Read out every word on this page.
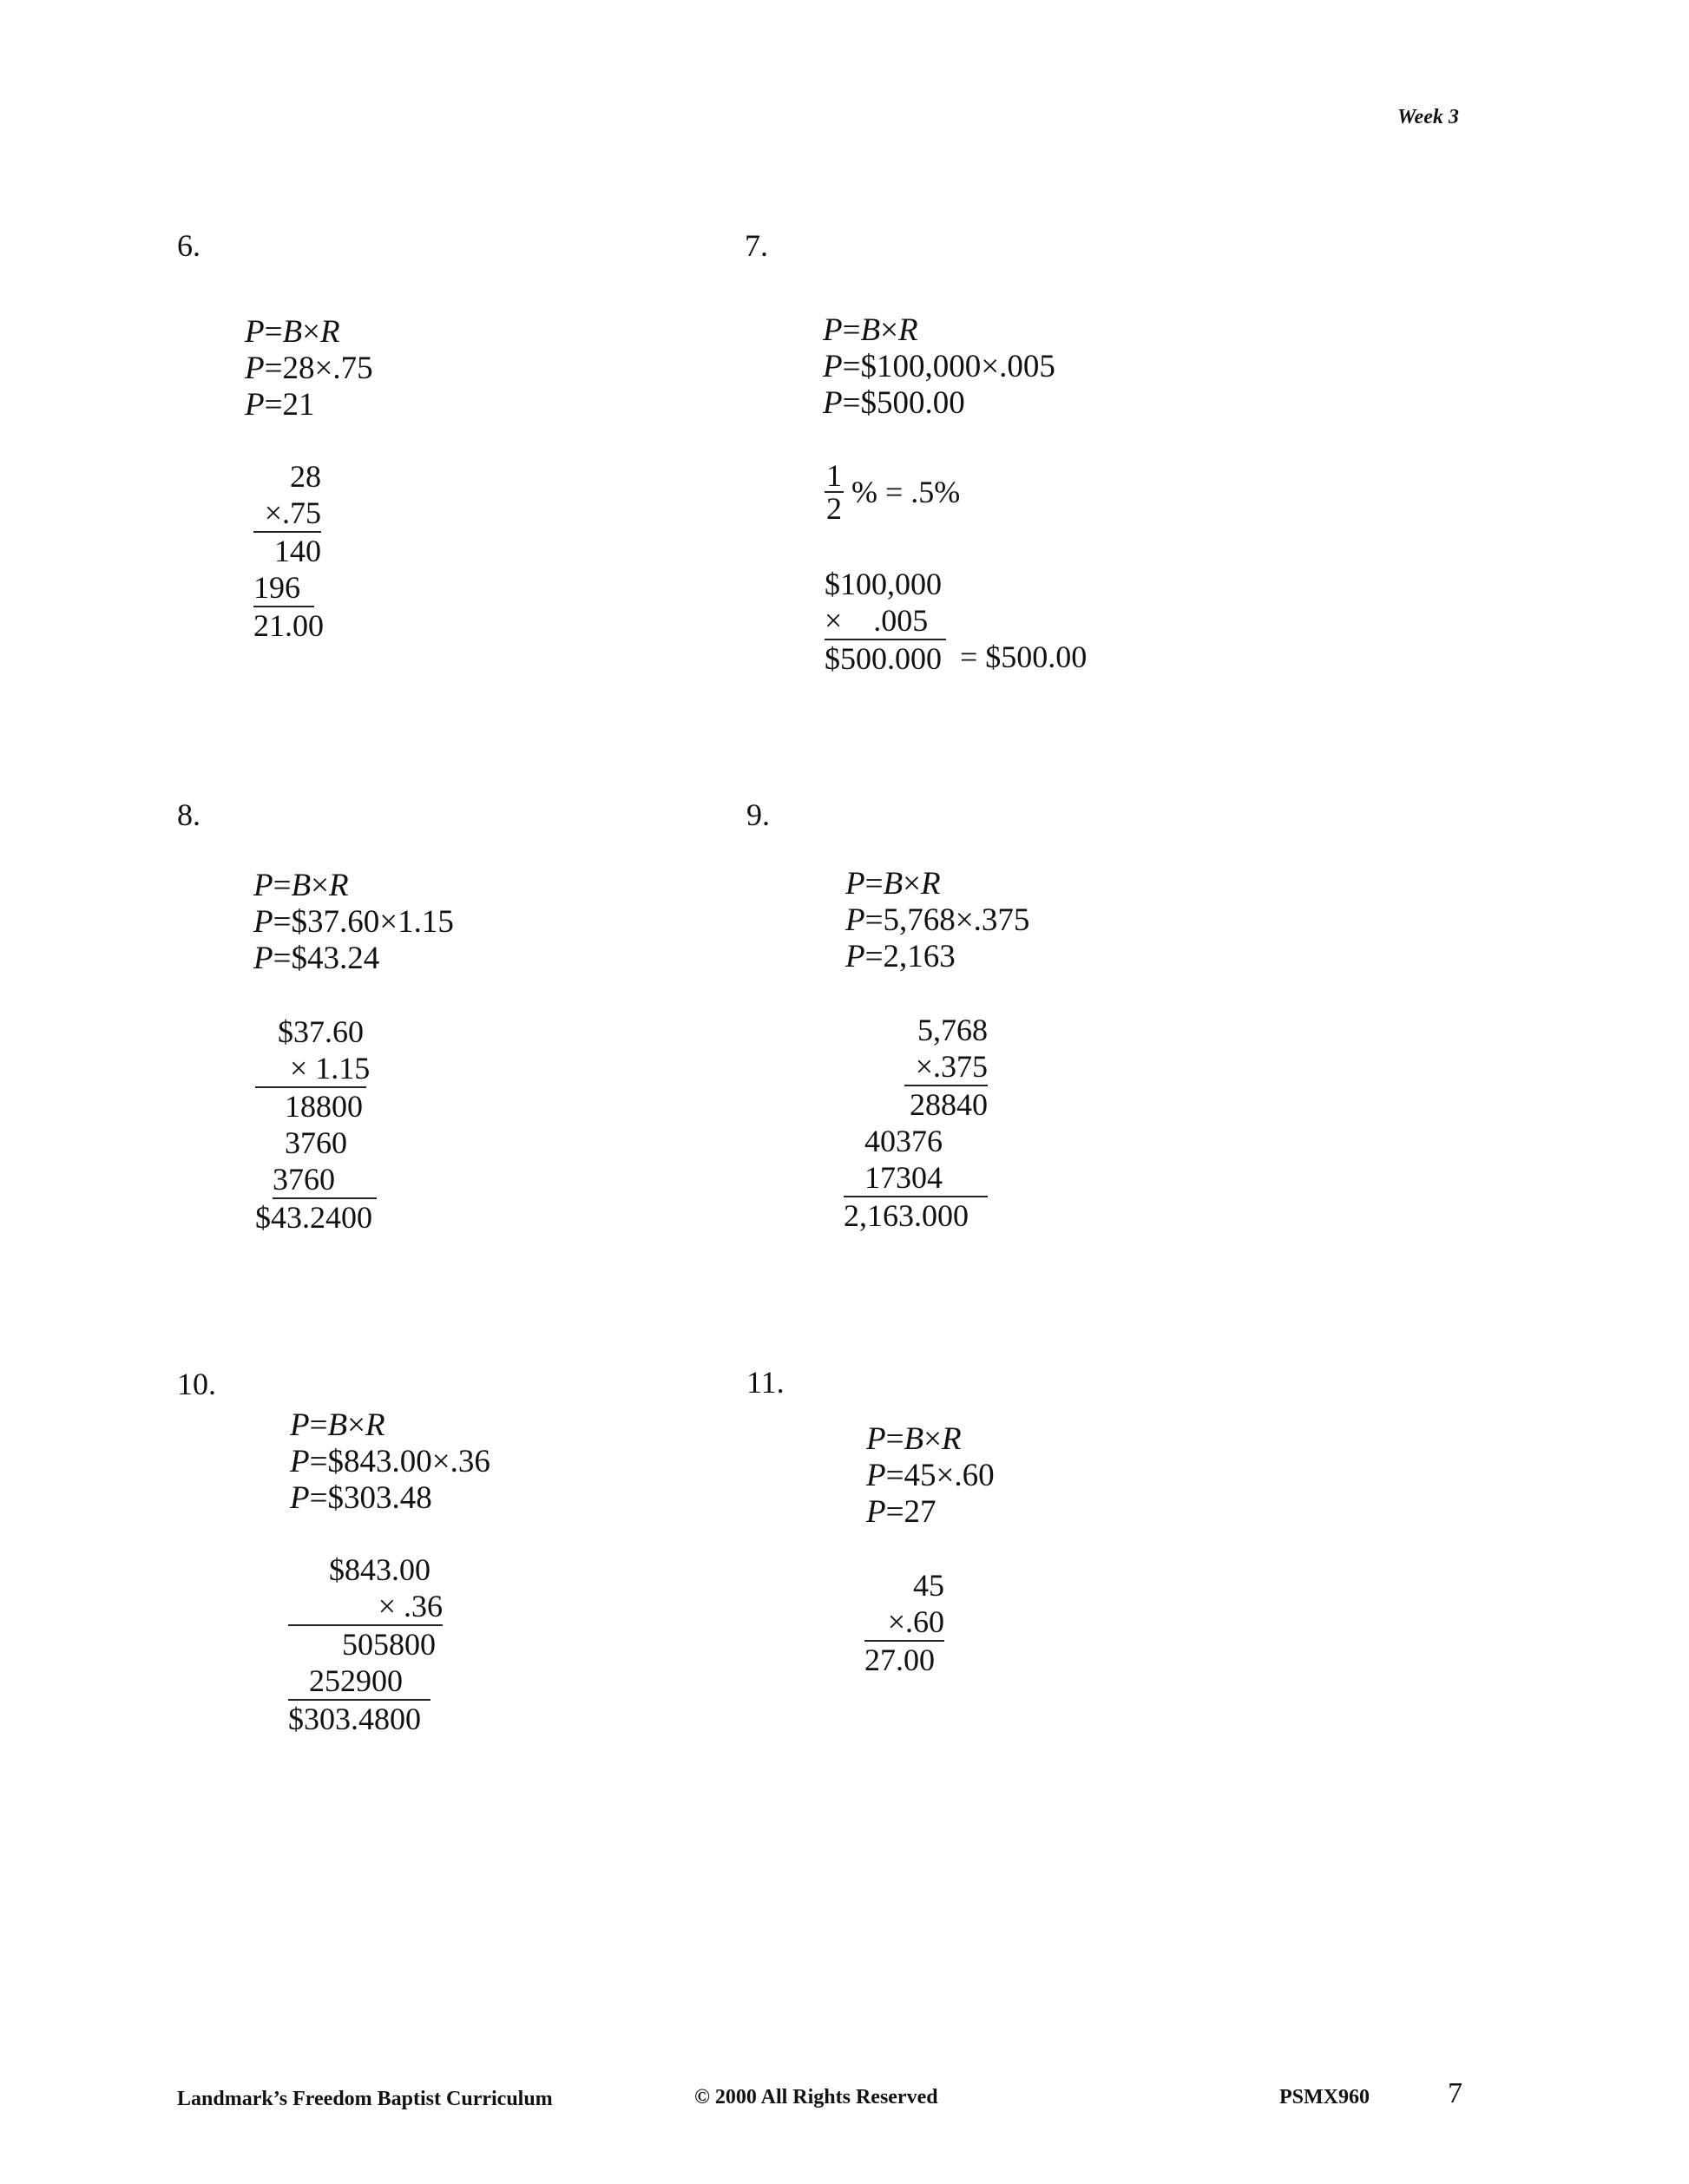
Week 3
6.
P=B×R
P=28×.75
P=21
28
×.75
140
196
21.00
7.
P=B×R
P=$100,000×.005
P=$500.00
$\frac{1}{2}$ % = .5%
$100,000
×    .005
$500.000 = $500.00
8.
P=B×R
P=$37.60×1.15
P=$43.24
$37.60
× 1.15
18800
3760
3760
$43.2400
9.
P=B×R
P=5,768×.375
P=2,163
5,768
×.375
28840
40376
17304
2,163.000
10.
P=B×R
P=$843.00×.36
P=$303.48
$843.00
× .36
505800
252900
$303.4800
11.
P=B×R
P=45×.60
P=27
45
×.60
27.00
Landmark’s Freedom Baptist Curriculum	© 2000 All Rights Reserved	PSMX960	7
